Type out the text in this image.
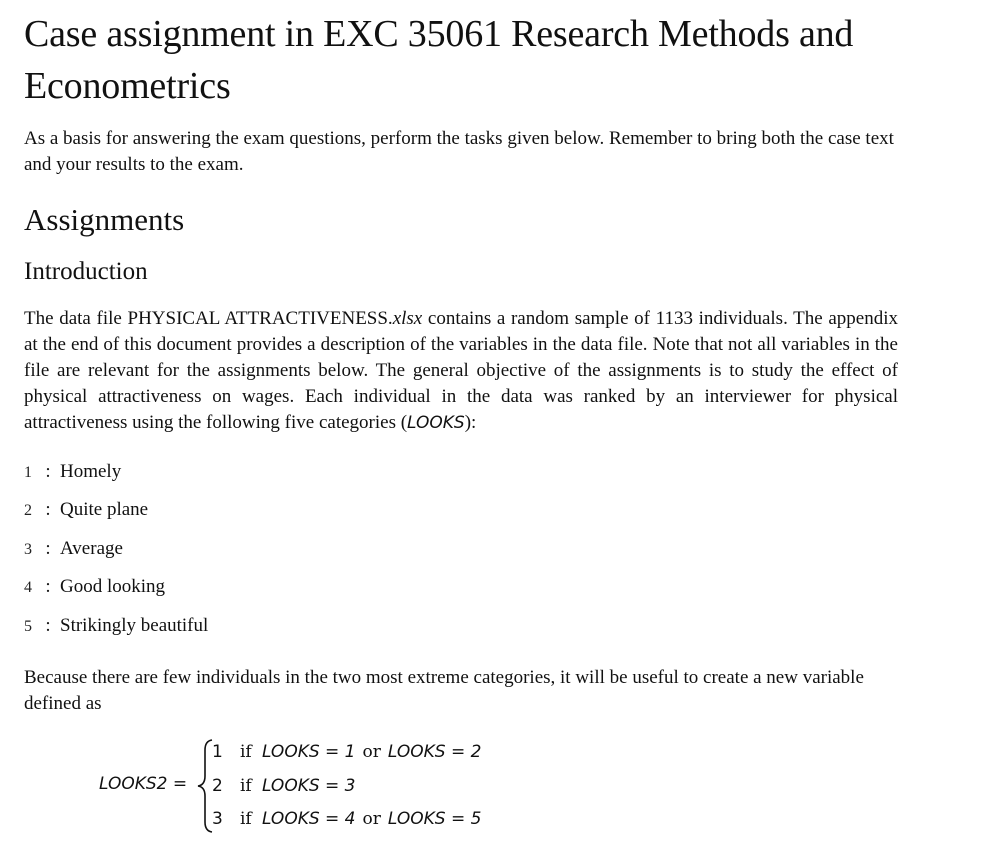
Case assignment in EXC 35061 Research Methods and Econometrics

As a basis for answering the exam questions, perform the tasks given below. Remember to bring both the case text and your results to the exam.

Assignments
Introduction

The data file PHYSICAL ATTRACTIVENESS.xlsx contains a random sample of 1133 individuals. The appendix at the end of this document provides a description of the variables in the data file. Note that not all variables in the file are relevant for the assignments below. The general objective of the assignments is to study the effect of physical attractiveness on wages. Each individual in the data was ranked by an interviewer for physical attractiveness using the following five categories (LOOKS):

1 : Homely
2 : Quite plane
3 : Average
4 : Good looking
5 : Strikingly beautiful

Because there are few individuals in the two most extreme categories, it will be useful to create a new variable defined as

LOOKS2 =
1 if LOOKS = 1 or LOOKS = 2
2 if LOOKS = 3
3 if LOOKS = 4 or LOOKS = 5
